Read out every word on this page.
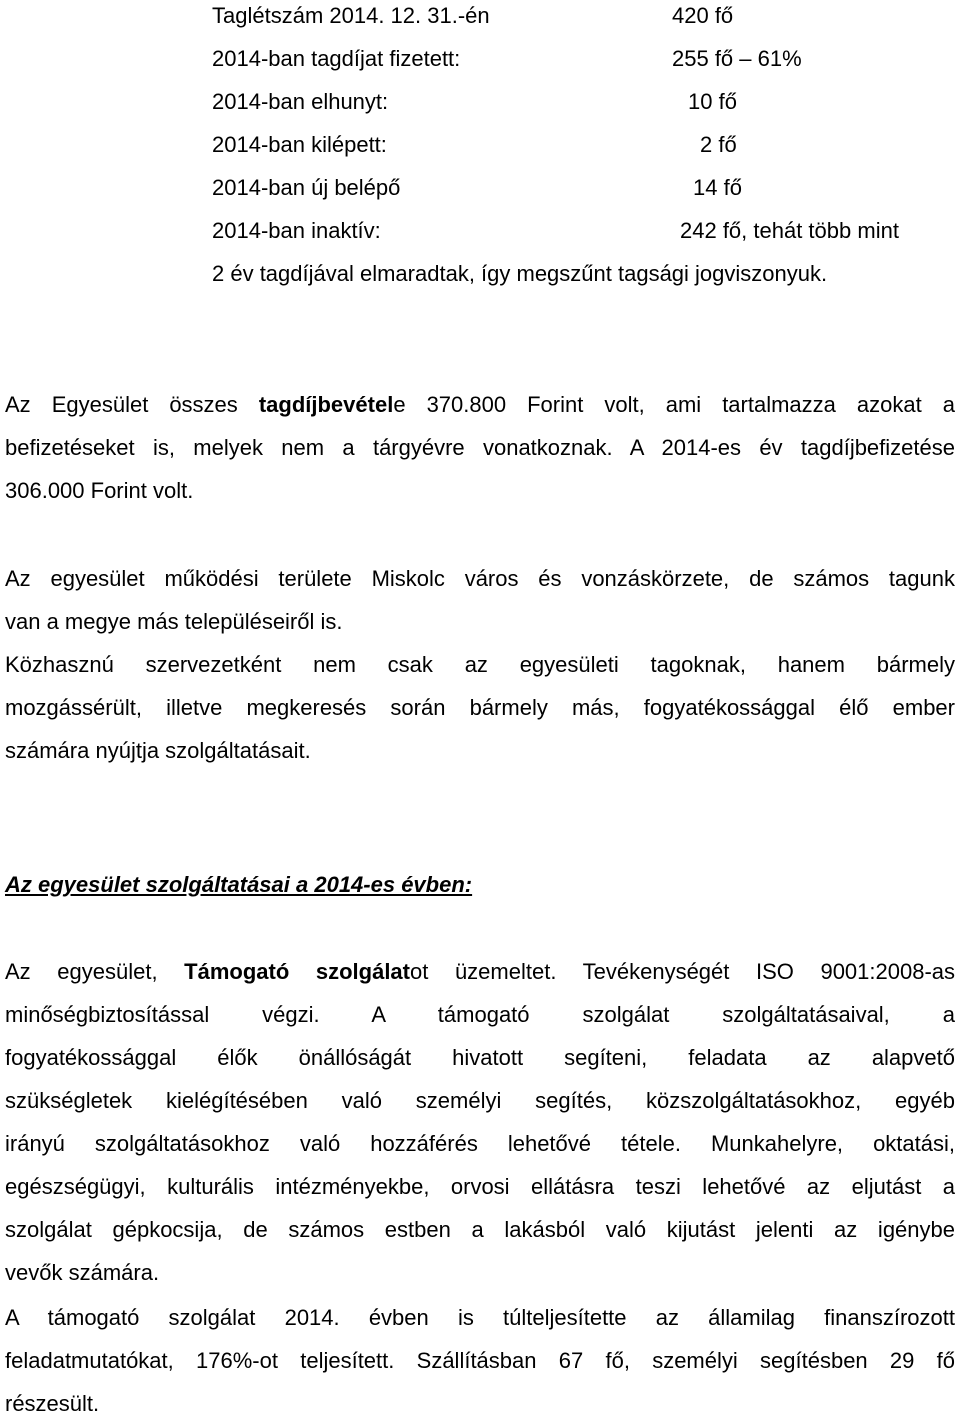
Taglétszám 2014. 12. 31.-én	420 fő
2014-ban tagdíjat fizetett:	255 fő – 61%
2014-ban elhunyt:	10 fő
2014-ban kilépett:	2 fő
2014-ban új belépő	14 fő
2014-ban inaktív:	242 fő, tehát több mint
2 év tagdíjával elmaradtak, így megszűnt tagsági jogviszonyuk.
Az Egyesület összes tagdíjbevétele 370.800 Forint volt, ami tartalmazza azokat a
befizetéseket is, melyek nem a tárgyévre vonatkoznak. A 2014-es év tagdíjbefizetése
306.000 Forint volt.
Az egyesület működési területe Miskolc város és vonzáskörzete, de számos tagunk
van a megye más településeiről is.
Közhasznú szervezetként nem csak az egyesületi tagoknak, hanem bármely
mozgássérült, illetve megkeresés során bármely más, fogyatékossággal élő ember
számára nyújtja szolgáltatásait.
Az egyesület szolgáltatásai a 2014-es évben:
Az egyesület, Támogató szolgálatot üzemeltet. Tevékenységét ISO 9001:2008-as
minőségbiztosítással végzi. A támogató szolgálat szolgáltatásaival, a
fogyatékossággal élők önállóságát hivatott segíteni, feladata az alapvető
szükségletek kielégítésében való személyi segítés, közszolgáltatásokhoz, egyéb
irányú szolgáltatásokhoz való hozzáférés lehetővé tétele. Munkahelyre, oktatási,
egészségügyi, kulturális intézményekbe, orvosi ellátásra teszi lehetővé az eljutást a
szolgálat gépkocsija, de számos estben a lakásból való kijutást jelenti az igénybe
vevők számára.
A támogató szolgálat 2014. évben is túlteljesítette az államilag finanszírozott
feladatmutatókat, 176%-ot teljesített. Szállításban 67 fő, személyi segítésben 29 fő
részesült.
